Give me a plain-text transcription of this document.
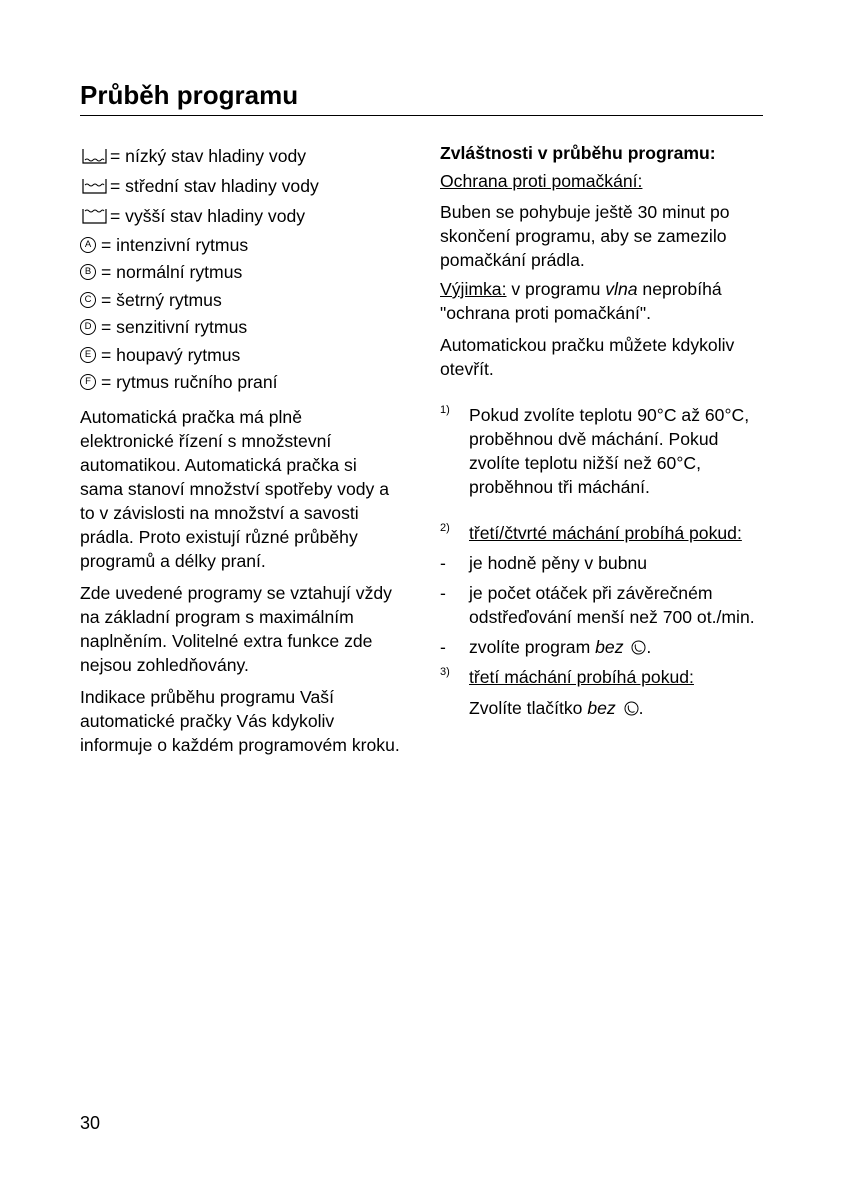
Průběh programu
= nízký stav hladiny vody
= střední stav hladiny vody
= vyšší stav hladiny vody
A = intenzivní rytmus
B = normální rytmus
C = šetrný rytmus
D = senzitivní rytmus
E = houpavý rytmus
F = rytmus ručního praní

Automatická pračka má plně elektronické řízení s množstevní automatikou. Automatická pračka si sama stanoví množství spotřeby vody a to v závislosti na množství a savosti prádla. Proto existují různé průběhy programů a délky praní.

Zde uvedené programy se vztahují vždy na základní program s maximálním naplněním. Volitelné extra funkce zde nejsou zohledňovány.

Indikace průběhu programu Vaší automatické pračky Vás kdykoliv informuje o každém programovém kroku.

Zvláštnosti v průběhu programu:

Ochrana proti pomačkání:

Buben se pohybuje ještě 30 minut po skončení programu, aby se zamezilo pomačkání prádla.

Výjimka: v programu vlna neprobíhá "ochrana proti pomačkání".

Automatickou pračku můžete kdykoliv otevřít.

1)	Pokud zvolíte teplotu 90°C až 60°C, proběhnou dvě máchání. Pokud zvolíte teplotu nižší než 60°C, proběhnou tři máchání.
2)	třetí/čtvrté máchání probíhá pokud:
-	je hodně pěny v bubnu
-	je počet otáček při závěrečném odstřeďování menší než 700 ot./min.
-	zvolíte program bez .
3)	třetí máchání probíhá pokud:
Zvolíte tlačítko bez .

30
